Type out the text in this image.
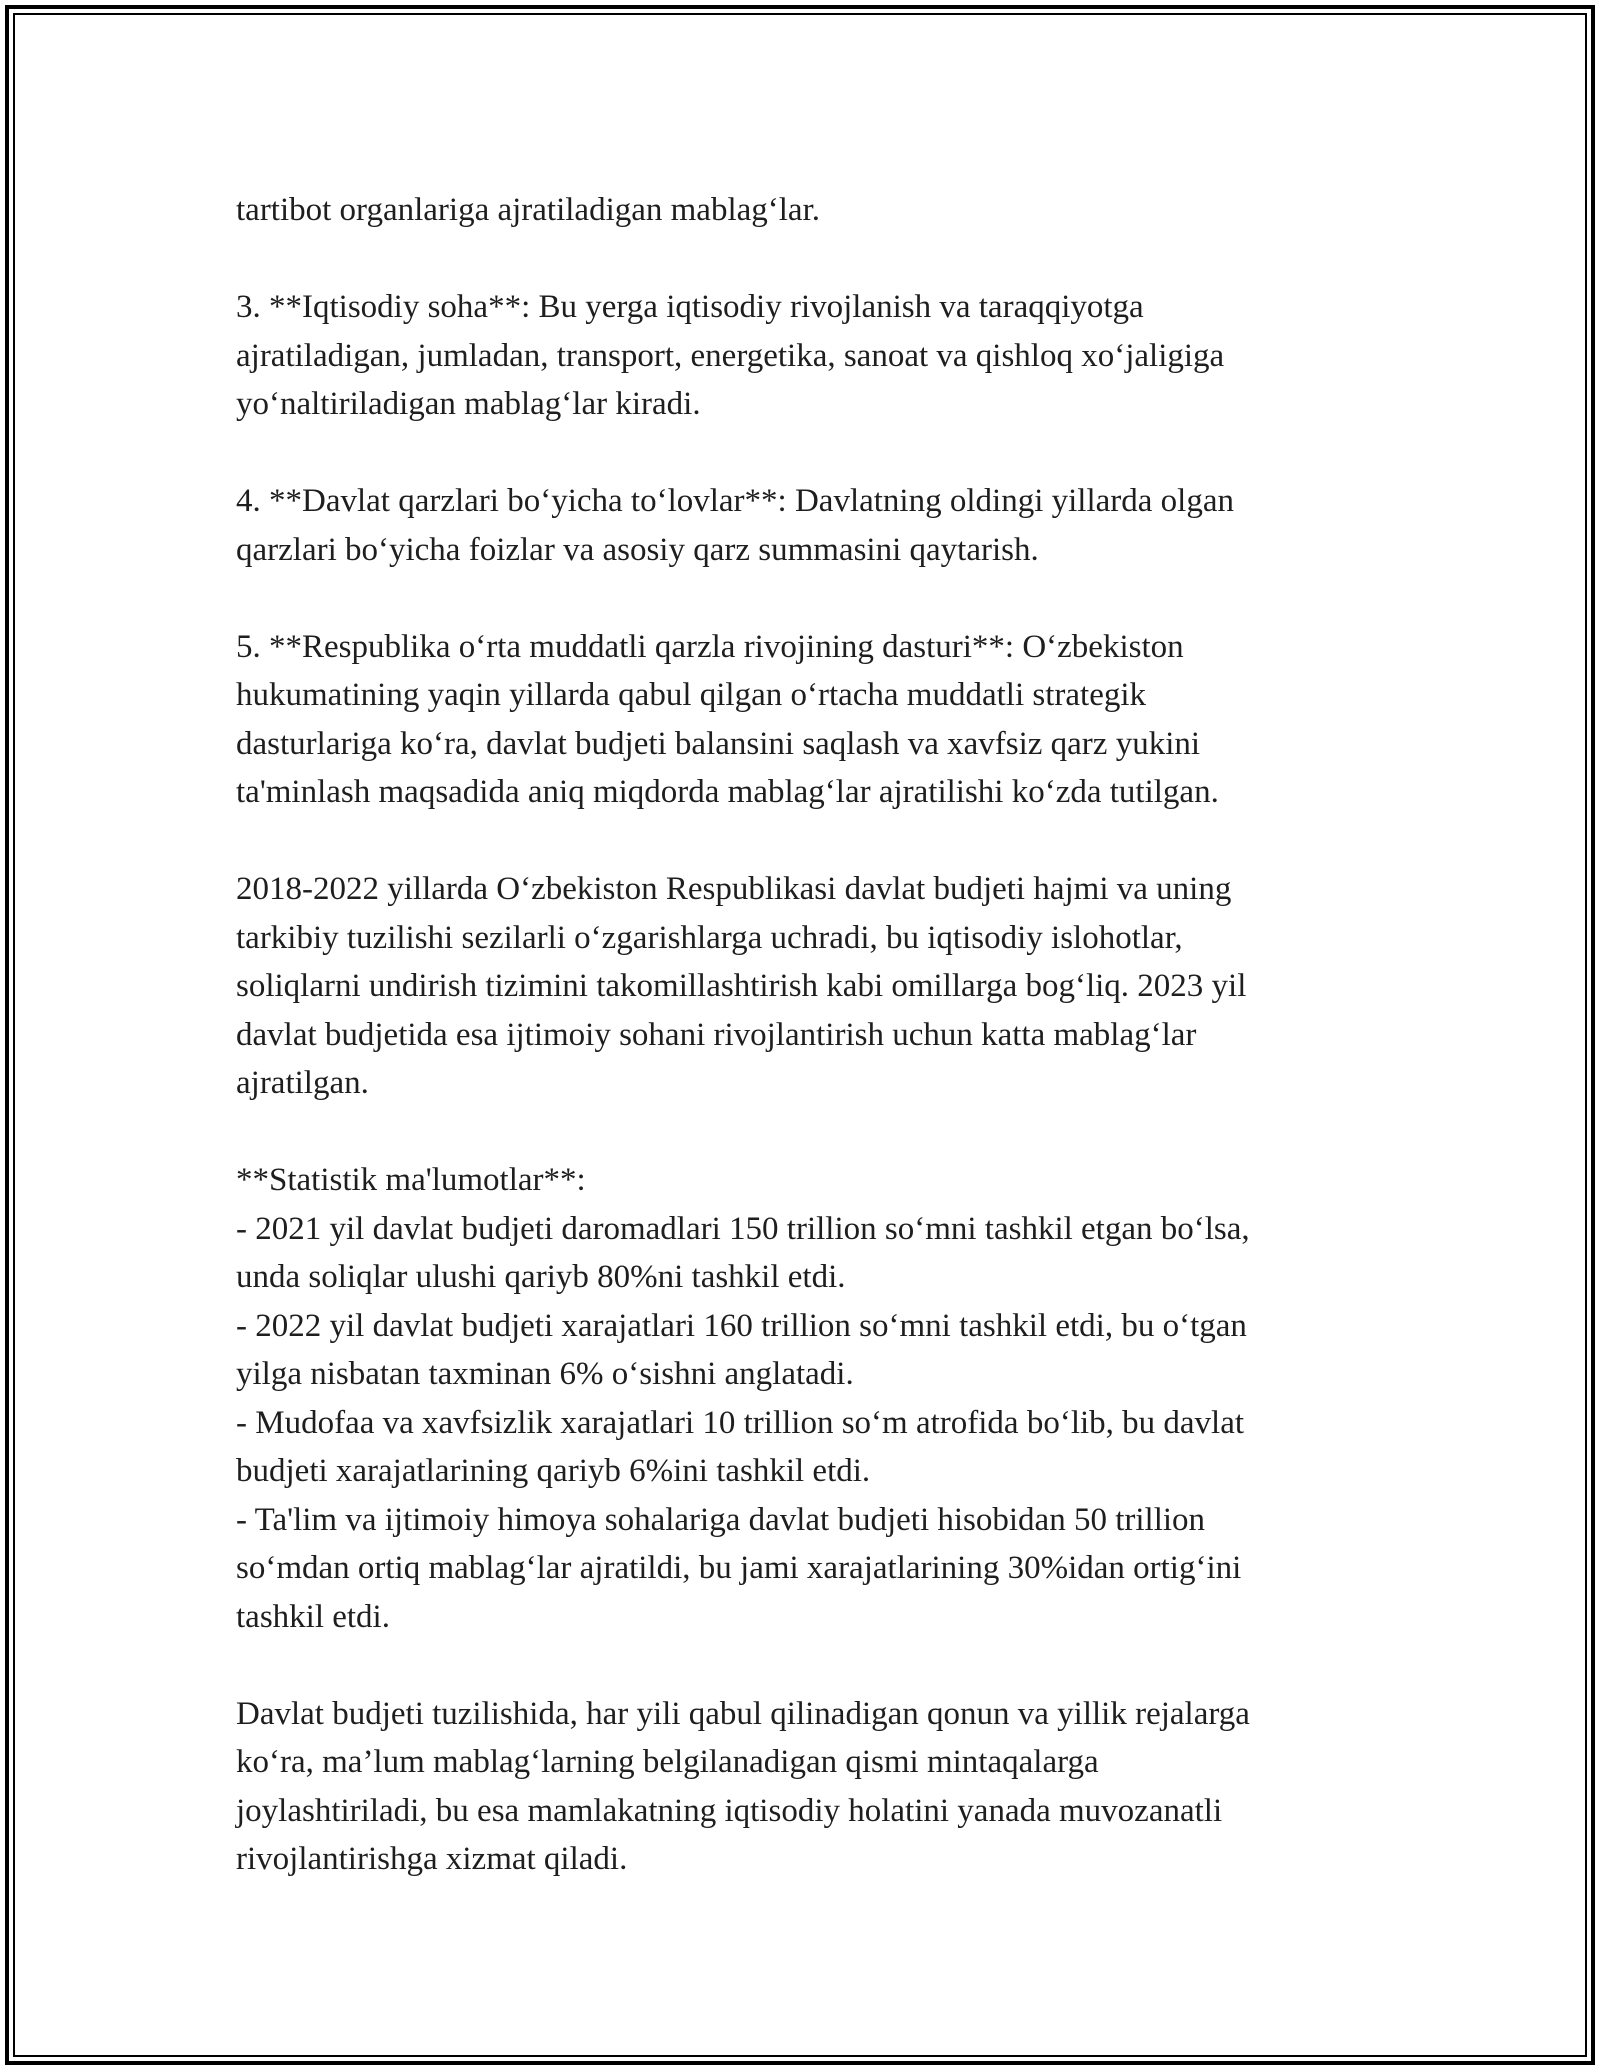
tartibot organlariga ajratiladigan mablag‘lar.

3. **Iqtisodiy soha**: Bu yerga iqtisodiy rivojlanish va taraqqiyotga
ajratiladigan, jumladan, transport, energetika, sanoat va qishloq xo‘jaligiga
yo‘naltiriladigan mablag‘lar kiradi.

4. **Davlat qarzlari bo‘yicha to‘lovlar**: Davlatning oldingi yillarda olgan
qarzlari bo‘yicha foizlar va asosiy qarz summasini qaytarish.

5. **Respublika o‘rta muddatli qarzla rivojining dasturi**: O‘zbekiston
hukumatining yaqin yillarda qabul qilgan o‘rtacha muddatli strategik
dasturlariga ko‘ra, davlat budjeti balansini saqlash va xavfsiz qarz yukini
ta'minlash maqsadida aniq miqdorda mablag‘lar ajratilishi ko‘zda tutilgan.

2018-2022 yillarda O‘zbekiston Respublikasi davlat budjeti hajmi va uning
tarkibiy tuzilishi sezilarli o‘zgarishlarga uchradi, bu iqtisodiy islohotlar,
soliqlarni undirish tizimini takomillashtirish kabi omillarga bog‘liq. 2023 yil
davlat budjetida esa ijtimoiy sohani rivojlantirish uchun katta mablag‘lar
ajratilgan.

**Statistik ma'lumotlar**:
- 2021 yil davlat budjeti daromadlari 150 trillion so‘mni tashkil etgan bo‘lsa,
unda soliqlar ulushi qariyb 80%ni tashkil etdi.
- 2022 yil davlat budjeti xarajatlari 160 trillion so‘mni tashkil etdi, bu o‘tgan
yilga nisbatan taxminan 6% o‘sishni anglatadi.
- Mudofaa va xavfsizlik xarajatlari 10 trillion so‘m atrofida bo‘lib, bu davlat
budjeti xarajatlarining qariyb 6%ini tashkil etdi.
- Ta'lim va ijtimoiy himoya sohalariga davlat budjeti hisobidan 50 trillion
so‘mdan ortiq mablag‘lar ajratildi, bu jami xarajatlarining 30%idan ortig‘ini
tashkil etdi.

Davlat budjeti tuzilishida, har yili qabul qilinadigan qonun va yillik rejalarga
ko‘ra, ma’lum mablag‘larning belgilanadigan qismi mintaqalarga
joylashtiriladi, bu esa mamlakatning iqtisodiy holatini yanada muvozanatli
rivojlantirishga xizmat qiladi.
